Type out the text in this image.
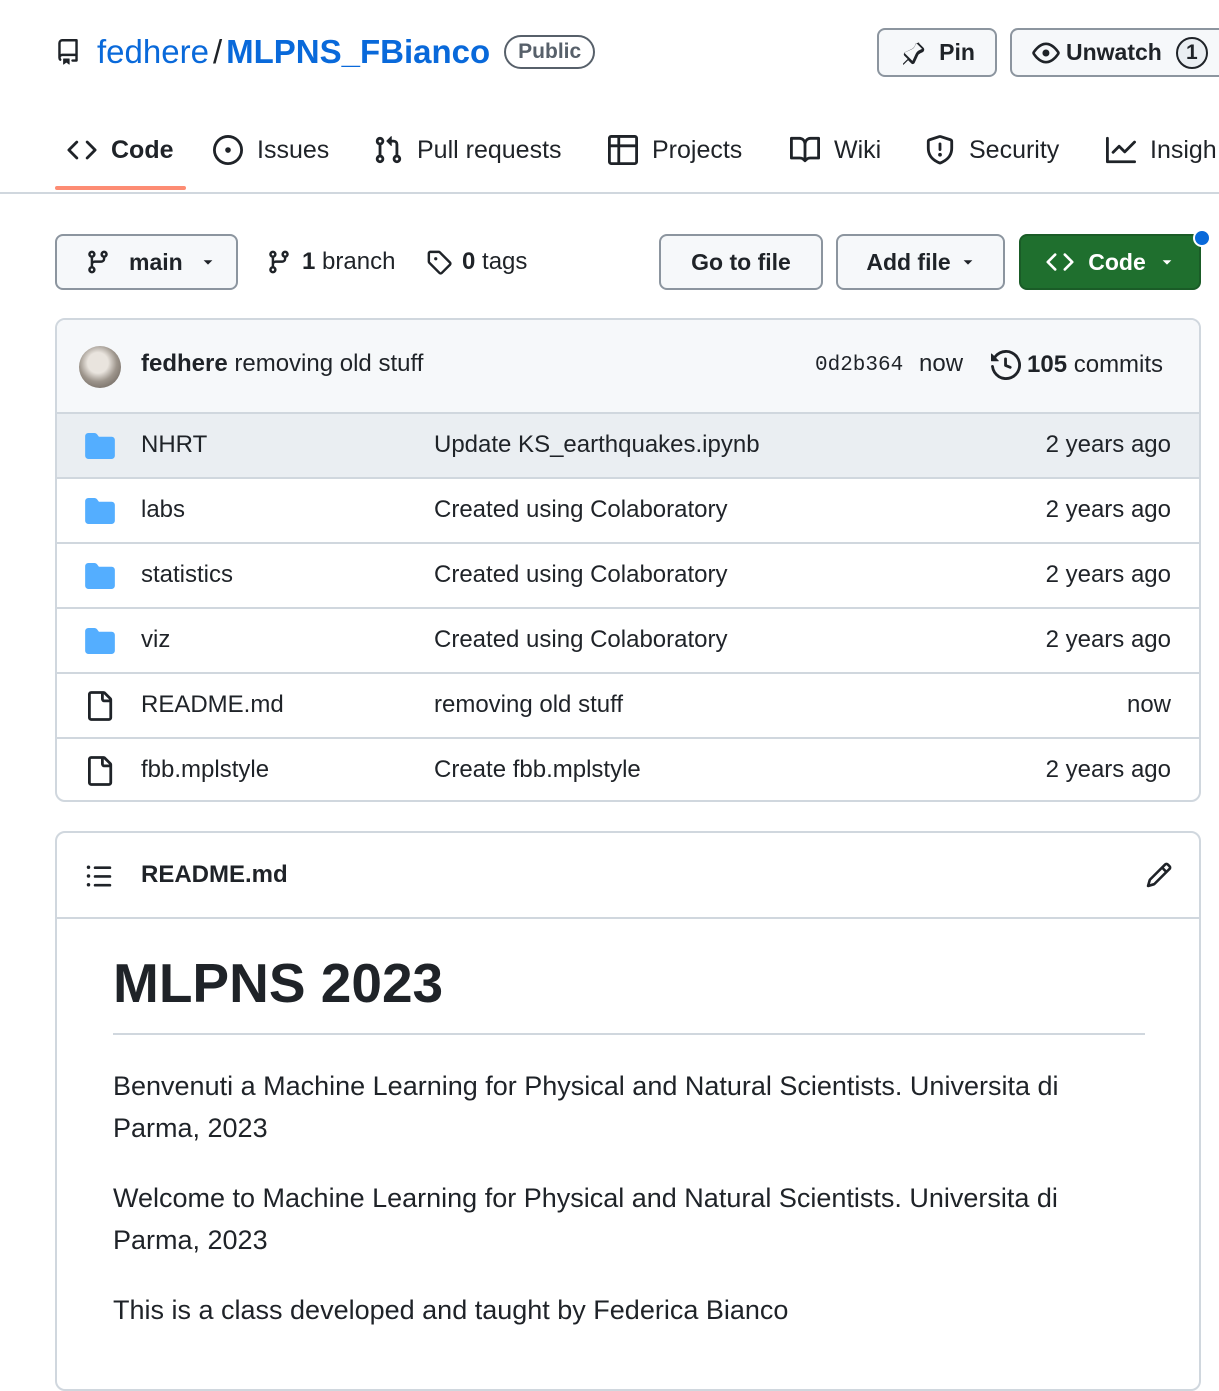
fedhere / MLPNS_FBianco	Public	Pin	Unwatch	1
Code	Issues	Pull requests	Projects	Wiki	Security	Insigh
main	1 branch	0 tags	Go to file	Add file	Code
fedhere removing old stuff	0d2b364 now	105 commits
NHRT	Update KS_earthquakes.ipynb	2 years ago
labs	Created using Colaboratory	2 years ago
statistics	Created using Colaboratory	2 years ago
viz	Created using Colaboratory	2 years ago
README.md	removing old stuff	now
fbb.mplstyle	Create fbb.mplstyle	2 years ago
README.md
MLPNS 2023
Benvenuti a Machine Learning for Physical and Natural Scientists. Universita di Parma, 2023
Welcome to Machine Learning for Physical and Natural Scientists. Universita di Parma, 2023
This is a class developed and taught by Federica Bianco
